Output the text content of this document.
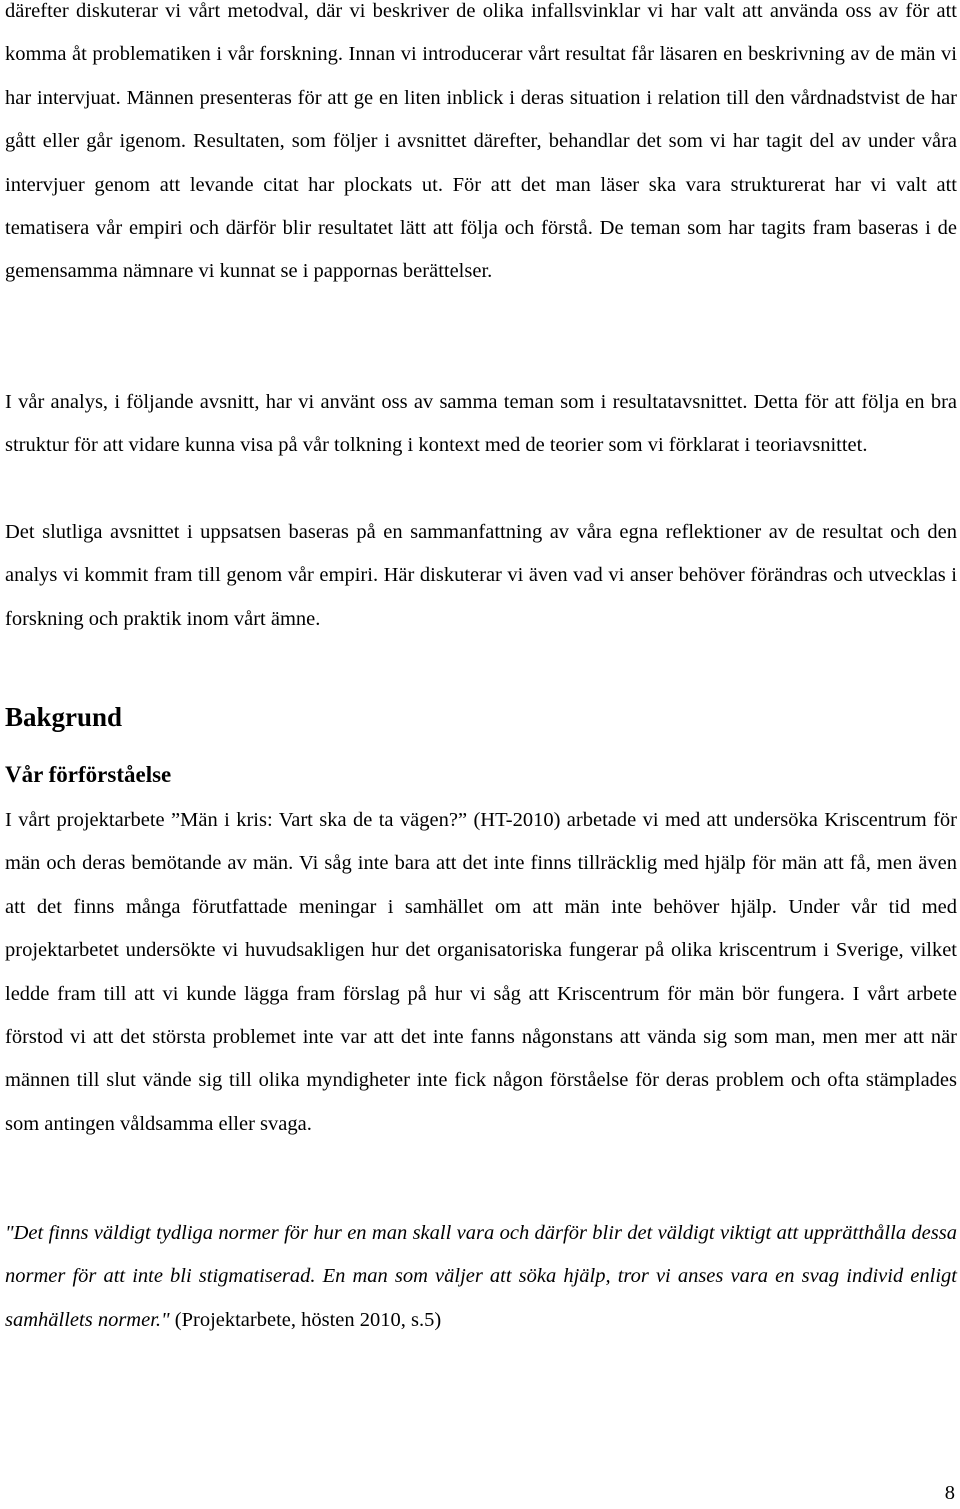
därefter diskuterar vi vårt metodval, där vi beskriver de olika infallsvinklar vi har valt att använda oss av för att komma åt problematiken i vår forskning. Innan vi introducerar vårt resultat får läsaren en beskrivning av de män vi har intervjuat. Männen presenteras för att ge en liten inblick i deras situation i relation till den vårdnadstvist de har gått eller går igenom. Resultaten, som följer i avsnittet därefter, behandlar det som vi har tagit del av under våra intervjuer genom att levande citat har plockats ut. För att det man läser ska vara strukturerat har vi valt att tematisera vår empiri och därför blir resultatet lätt att följa och förstå. De teman som har tagits fram baseras i de gemensamma nämnare vi kunnat se i pappornas berättelser.

I vår analys, i följande avsnitt, har vi använt oss av samma teman som i resultatavsnittet. Detta för att följa en bra struktur för att vidare kunna visa på vår tolkning i kontext med de teorier som vi förklarat i teoriavsnittet.

Det slutliga avsnittet i uppsatsen baseras på en sammanfattning av våra egna reflektioner av de resultat och den analys vi kommit fram till genom vår empiri. Här diskuterar vi även vad vi anser behöver förändras och utvecklas i forskning och praktik inom vårt ämne.

Bakgrund
Vår förförståelse

I vårt projektarbete ”Män i kris: Vart ska de ta vägen?” (HT-2010) arbetade vi med att undersöka Kriscentrum för män och deras bemötande av män. Vi såg inte bara att det inte finns tillräcklig med hjälp för män att få, men även att det finns många förutfattade meningar i samhället om att män inte behöver hjälp. Under vår tid med projektarbetet undersökte vi huvudsakligen hur det organisatoriska fungerar på olika kriscentrum i Sverige, vilket ledde fram till att vi kunde lägga fram förslag på hur vi såg att Kriscentrum för män bör fungera. I vårt arbete förstod vi att det största problemet inte var att det inte fanns någonstans att vända sig som man, men mer att när männen till slut vände sig till olika myndigheter inte fick någon förståelse för deras problem och ofta stämplades som antingen våldsamma eller svaga.

"Det finns väldigt tydliga normer för hur en man skall vara och därför blir det väldigt viktigt att upprätthålla dessa normer för att inte bli stigmatiserad. En man som väljer att söka hjälp, tror vi anses vara en svag individ enligt samhällets normer." (Projektarbete, hösten 2010, s.5)

8
